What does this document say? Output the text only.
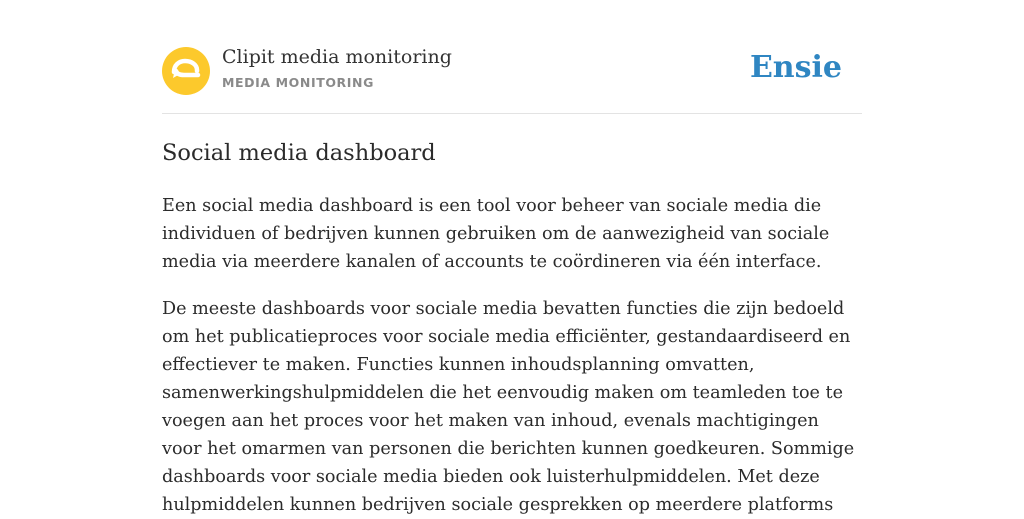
Clipit media monitoring
MEDIA MONITORING	Ensie
Social media dashboard

Een social media dashboard is een tool voor beheer van sociale media die individuen of bedrijven kunnen gebruiken om de aanwezigheid van sociale media via meerdere kanalen of accounts te coördineren via één interface.

De meeste dashboards voor sociale media bevatten functies die zijn bedoeld om het publicatieproces voor sociale media efficiënter, gestandaardiseerd en effectiever te maken. Functies kunnen inhoudsplanning omvatten, samenwerkingshulpmiddelen die het eenvoudig maken om teamleden toe te voegen aan het proces voor het maken van inhoud, evenals machtigingen voor het omarmen van personen die berichten kunnen goedkeuren. Sommige dashboards voor sociale media bieden ook luisterhulpmiddelen. Met deze hulpmiddelen kunnen bedrijven sociale gesprekken op meerdere platforms
